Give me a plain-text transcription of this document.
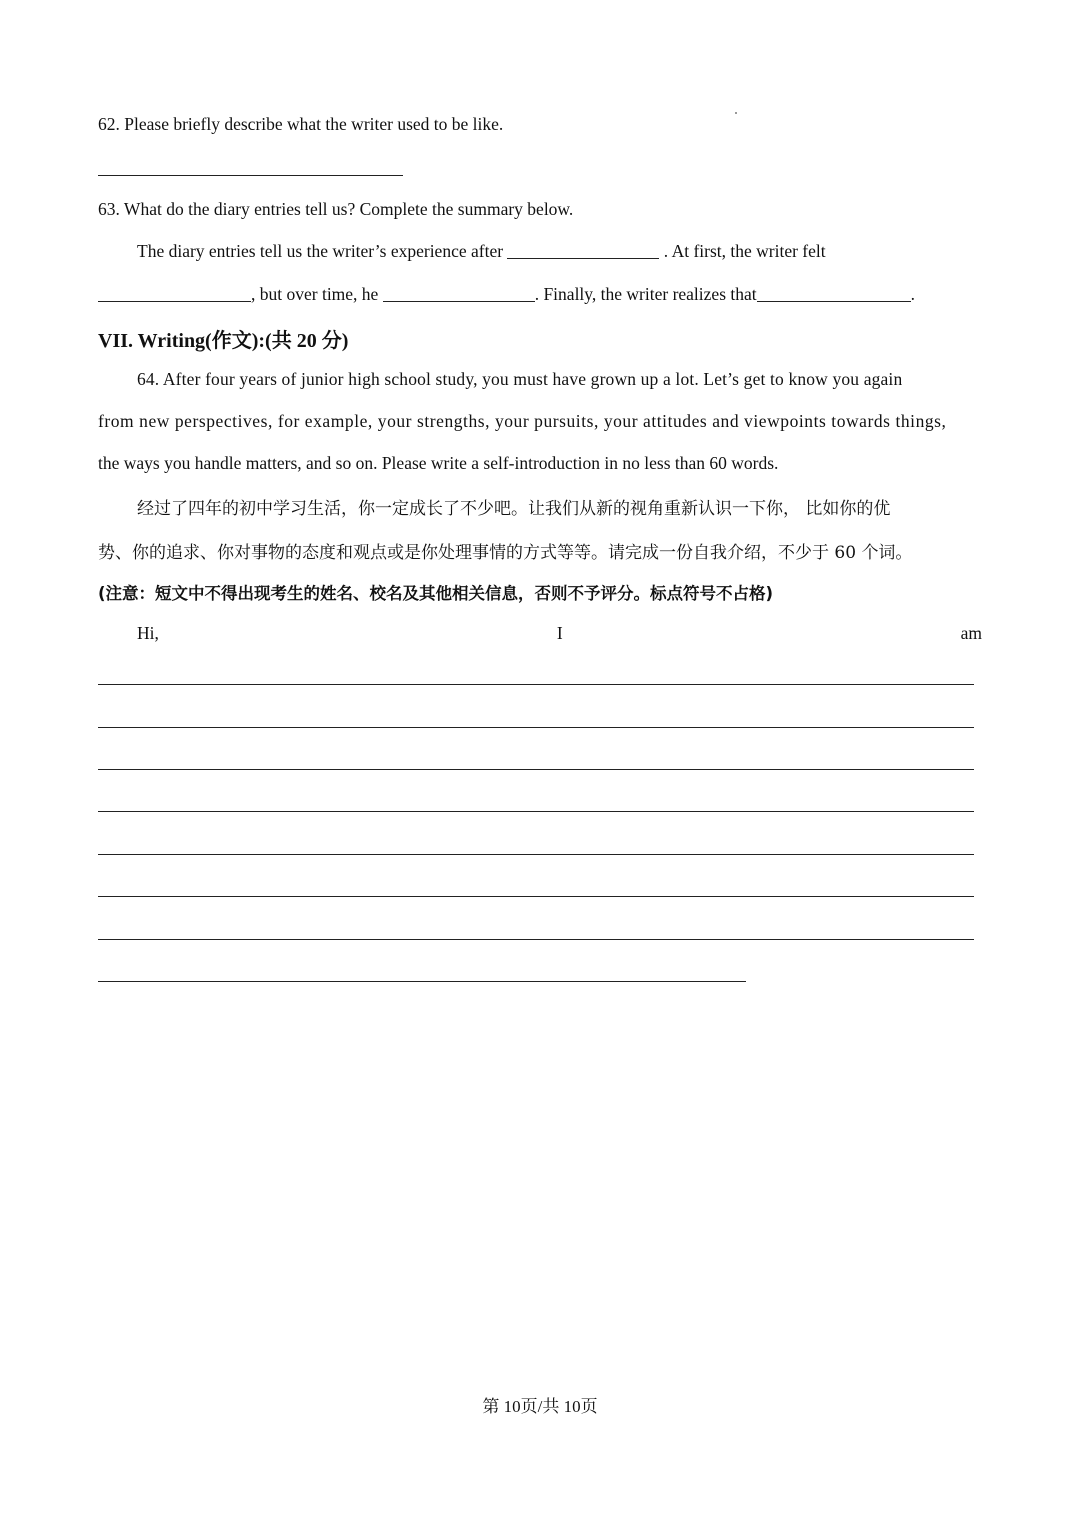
62. Please briefly describe what the writer used to be like.
63. What do the diary entries tell us? Complete the summary below.
The diary entries tell us the writer’s experience after	. At first, the writer felt
, but over time, he	. Finally, the writer realizes that	.
VII. Writing(作文):(共 20 分)
64. After four years of junior high school study, you must have grown up a lot. Let’s get to know you again
from new perspectives, for example, your strengths, your pursuits, your attitudes and viewpoints towards things,
the ways you handle matters, and so on. Please write a self-introduction in no less than 60 words.
经过了四年的初中学习生活，你一定成长了不少吧。让我们从新的视角重新认识一下你， 比如你的优
势、你的追求、你对事物的态度和观点或是你处理事情的方式等等。请完成一份自我介绍，不少于 60 个词。
(注意：短文中不得出现考生的姓名、校名及其他相关信息，否则不予评分。标点符号不占格)
Hi,	I	am
第 10页/共 10页
